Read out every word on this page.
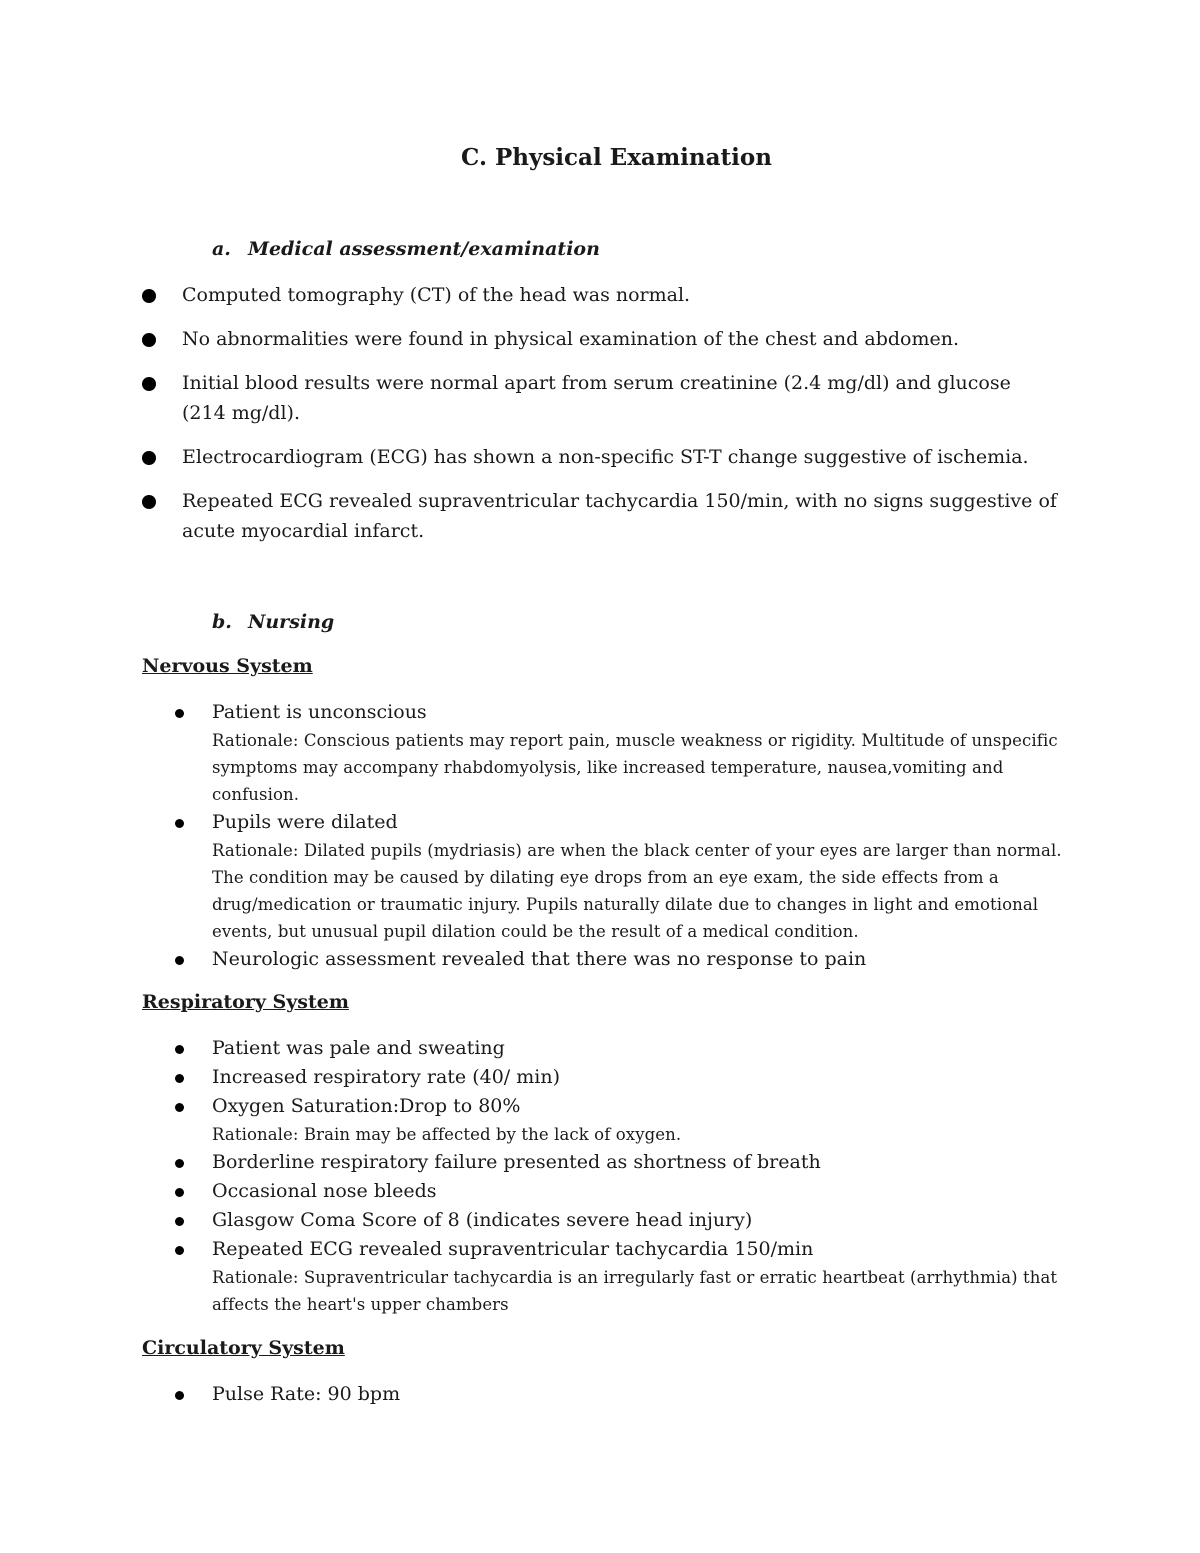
C. Physical Examination

a. Medical assessment/examination

Computed tomography (CT) of the head was normal.
No abnormalities were found in physical examination of the chest and abdomen.
Initial blood results were normal apart from serum creatinine (2.4 mg/dl) and glucose (214 mg/dl).
Electrocardiogram (ECG) has shown a non-specific ST-T change suggestive of ischemia.
Repeated ECG revealed supraventricular tachycardia 150/min, with no signs suggestive of acute myocardial infarct.

b. Nursing

Nervous System

Patient is unconscious
Rationale: Conscious patients may report pain, muscle weakness or rigidity. Multitude of unspecific symptoms may accompany rhabdomyolysis, like increased temperature, nausea,vomiting and confusion.
Pupils were dilated
Rationale: Dilated pupils (mydriasis) are when the black center of your eyes are larger than normal. The condition may be caused by dilating eye drops from an eye exam, the side effects from a drug/medication or traumatic injury. Pupils naturally dilate due to changes in light and emotional events, but unusual pupil dilation could be the result of a medical condition.
Neurologic assessment revealed that there was no response to pain

Respiratory System

Patient was pale and sweating
Increased respiratory rate (40/ min)
Oxygen Saturation:Drop to 80%
Rationale: Brain may be affected by the lack of oxygen.
Borderline respiratory failure presented as shortness of breath
Occasional nose bleeds
Glasgow Coma Score of 8 (indicates severe head injury)
Repeated ECG revealed supraventricular tachycardia 150/min
Rationale: Supraventricular tachycardia is an irregularly fast or erratic heartbeat (arrhythmia) that affects the heart's upper chambers

Circulatory System

Pulse Rate: 90 bpm
